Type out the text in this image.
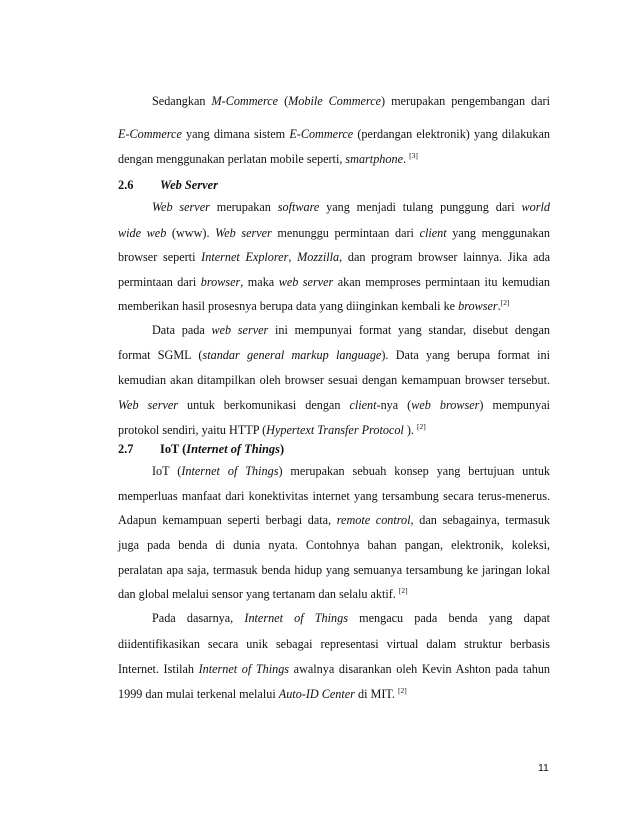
Sedangkan M-Commerce (Mobile Commerce) merupakan pengembangan dari
E-Commerce yang dimana sistem E-Commerce (perdangan elektronik) yang dilakukan
dengan menggunakan perlatan mobile seperti, smartphone. [3]
2.6 Web Server
Web server merupakan software yang menjadi tulang punggung dari world
wide web (www). Web server menunggu permintaan dari client yang menggunakan
browser seperti Internet Explorer, Mozzilla, dan program browser lainnya. Jika ada
permintaan dari browser, maka web server akan memproses permintaan itu kemudian
memberikan hasil prosesnya berupa data yang diinginkan kembali ke browser.[2]
Data pada web server ini mempunyai format yang standar, disebut dengan
format SGML (standar general markup language). Data yang berupa format ini
kemudian akan ditampilkan oleh browser sesuai dengan kemampuan browser tersebut.
Web server untuk berkomunikasi dengan client-nya (web browser) mempunyai
protokol sendiri, yaitu HTTP (Hypertext Transfer Protocol ). [2]
2.7 IoT (Internet of Things)
IoT (Internet of Things) merupakan sebuah konsep yang bertujuan untuk
memperluas manfaat dari konektivitas internet yang tersambung secara terus-menerus.
Adapun kemampuan seperti berbagi data, remote control, dan sebagainya, termasuk
juga pada benda di dunia nyata. Contohnya bahan pangan, elektronik, koleksi,
peralatan apa saja, termasuk benda hidup yang semuanya tersambung ke jaringan lokal
dan global melalui sensor yang tertanam dan selalu aktif. [2]
Pada dasarnya, Internet of Things mengacu pada benda yang dapat
diidentifikasikan secara unik sebagai representasi virtual dalam struktur berbasis
Internet. Istilah Internet of Things awalnya disarankan oleh Kevin Ashton pada tahun
1999 dan mulai terkenal melalui Auto-ID Center di MIT. [2]
11
